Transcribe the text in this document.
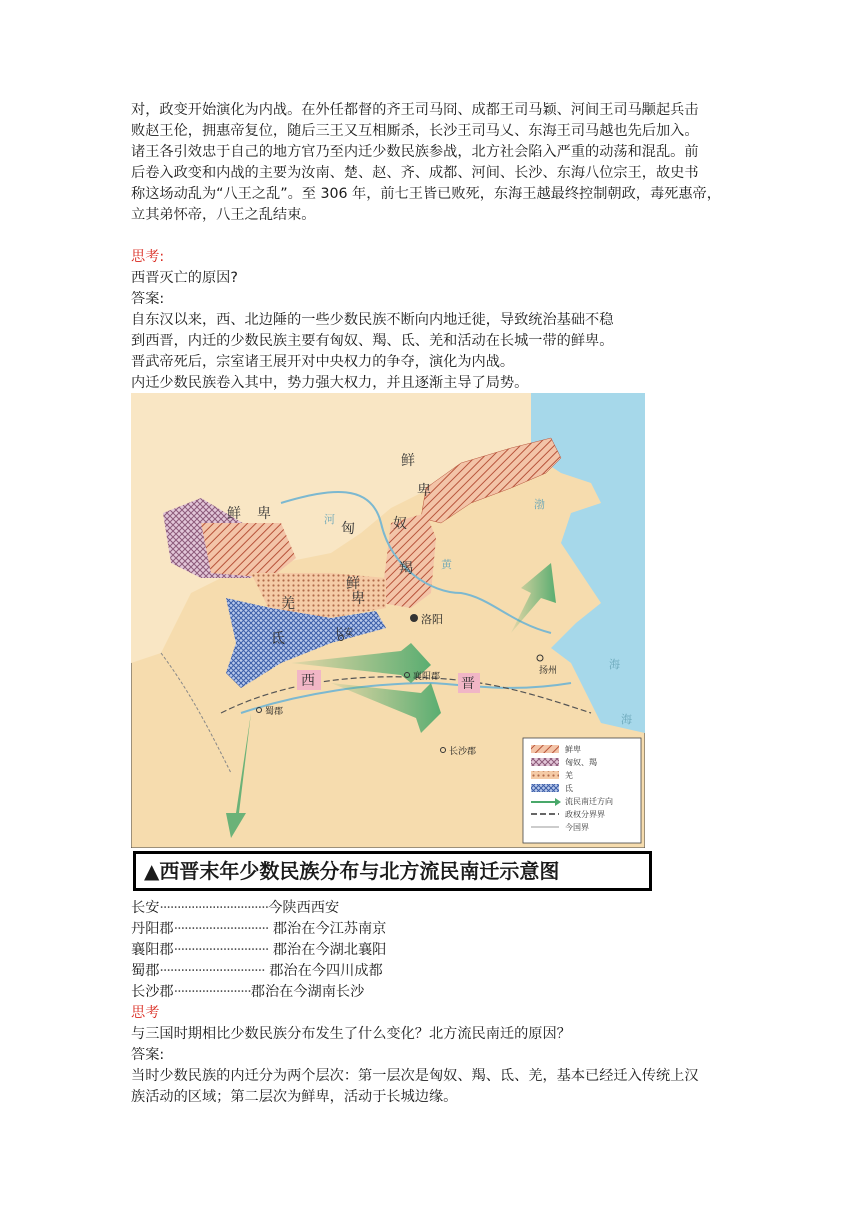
对，政变开始演化为内战。在外任都督的齐王司马冏、成都王司马颖、河间王司马颙起兵击

败赵王伦，拥惠帝复位，随后三王又互相厮杀，长沙王司马乂、东海王司马越也先后加入。

诸王各引效忠于自己的地方官乃至内迁少数民族参战，北方社会陷入严重的动荡和混乱。前

后卷入政变和内战的主要为汝南、楚、赵、齐、成都、河间、长沙、东海八位宗王，故史书

称这场动乱为“八王之乱”。至 306 年，前七王皆已败死，东海王越最终控制朝政，毒死惠帝，

立其弟怀帝，八王之乱结束。

思考:

西晋灭亡的原因?

答案:

自东汉以来，西、北边陲的一些少数民族不断向内地迁徙，导致统治基础不稳

到西晋，内迁的少数民族主要有匈奴、羯、氐、羌和活动在长城一带的鲜卑。

晋武帝死后，宗室诸王展开对中央权力的争夺，演化为内战。

内迁少数民族卷入其中，势力强大权力，并且逐渐主导了局势。

鲜
卑
鲜 卑
匈	奴
羯
羌
氐
鲜
卑
西	晋
洛阳
长安
襄阳郡
扬州
蜀郡
长沙郡
河
渤
黄
海
海
鲜卑
匈奴、羯
羌
氐
流民南迁方向
政权分界界
今国界
▲西晋末年少数民族分布与北方流民南迁示意图
长安·······························今陕西西安
丹阳郡··························· 郡治在今江苏南京
襄阳郡··························· 郡治在今湖北襄阳
蜀郡······························ 郡治在今四川成都
长沙郡······················郡治在今湖南长沙

思考

与三国时期相比少数民族分布发生了什么变化？北方流民南迁的原因？

答案:

当时少数民族的内迁分为两个层次：第一层次是匈奴、羯、氐、羌，基本已经迁入传统上汉

族活动的区域；第二层次为鲜卑，活动于长城边缘。
